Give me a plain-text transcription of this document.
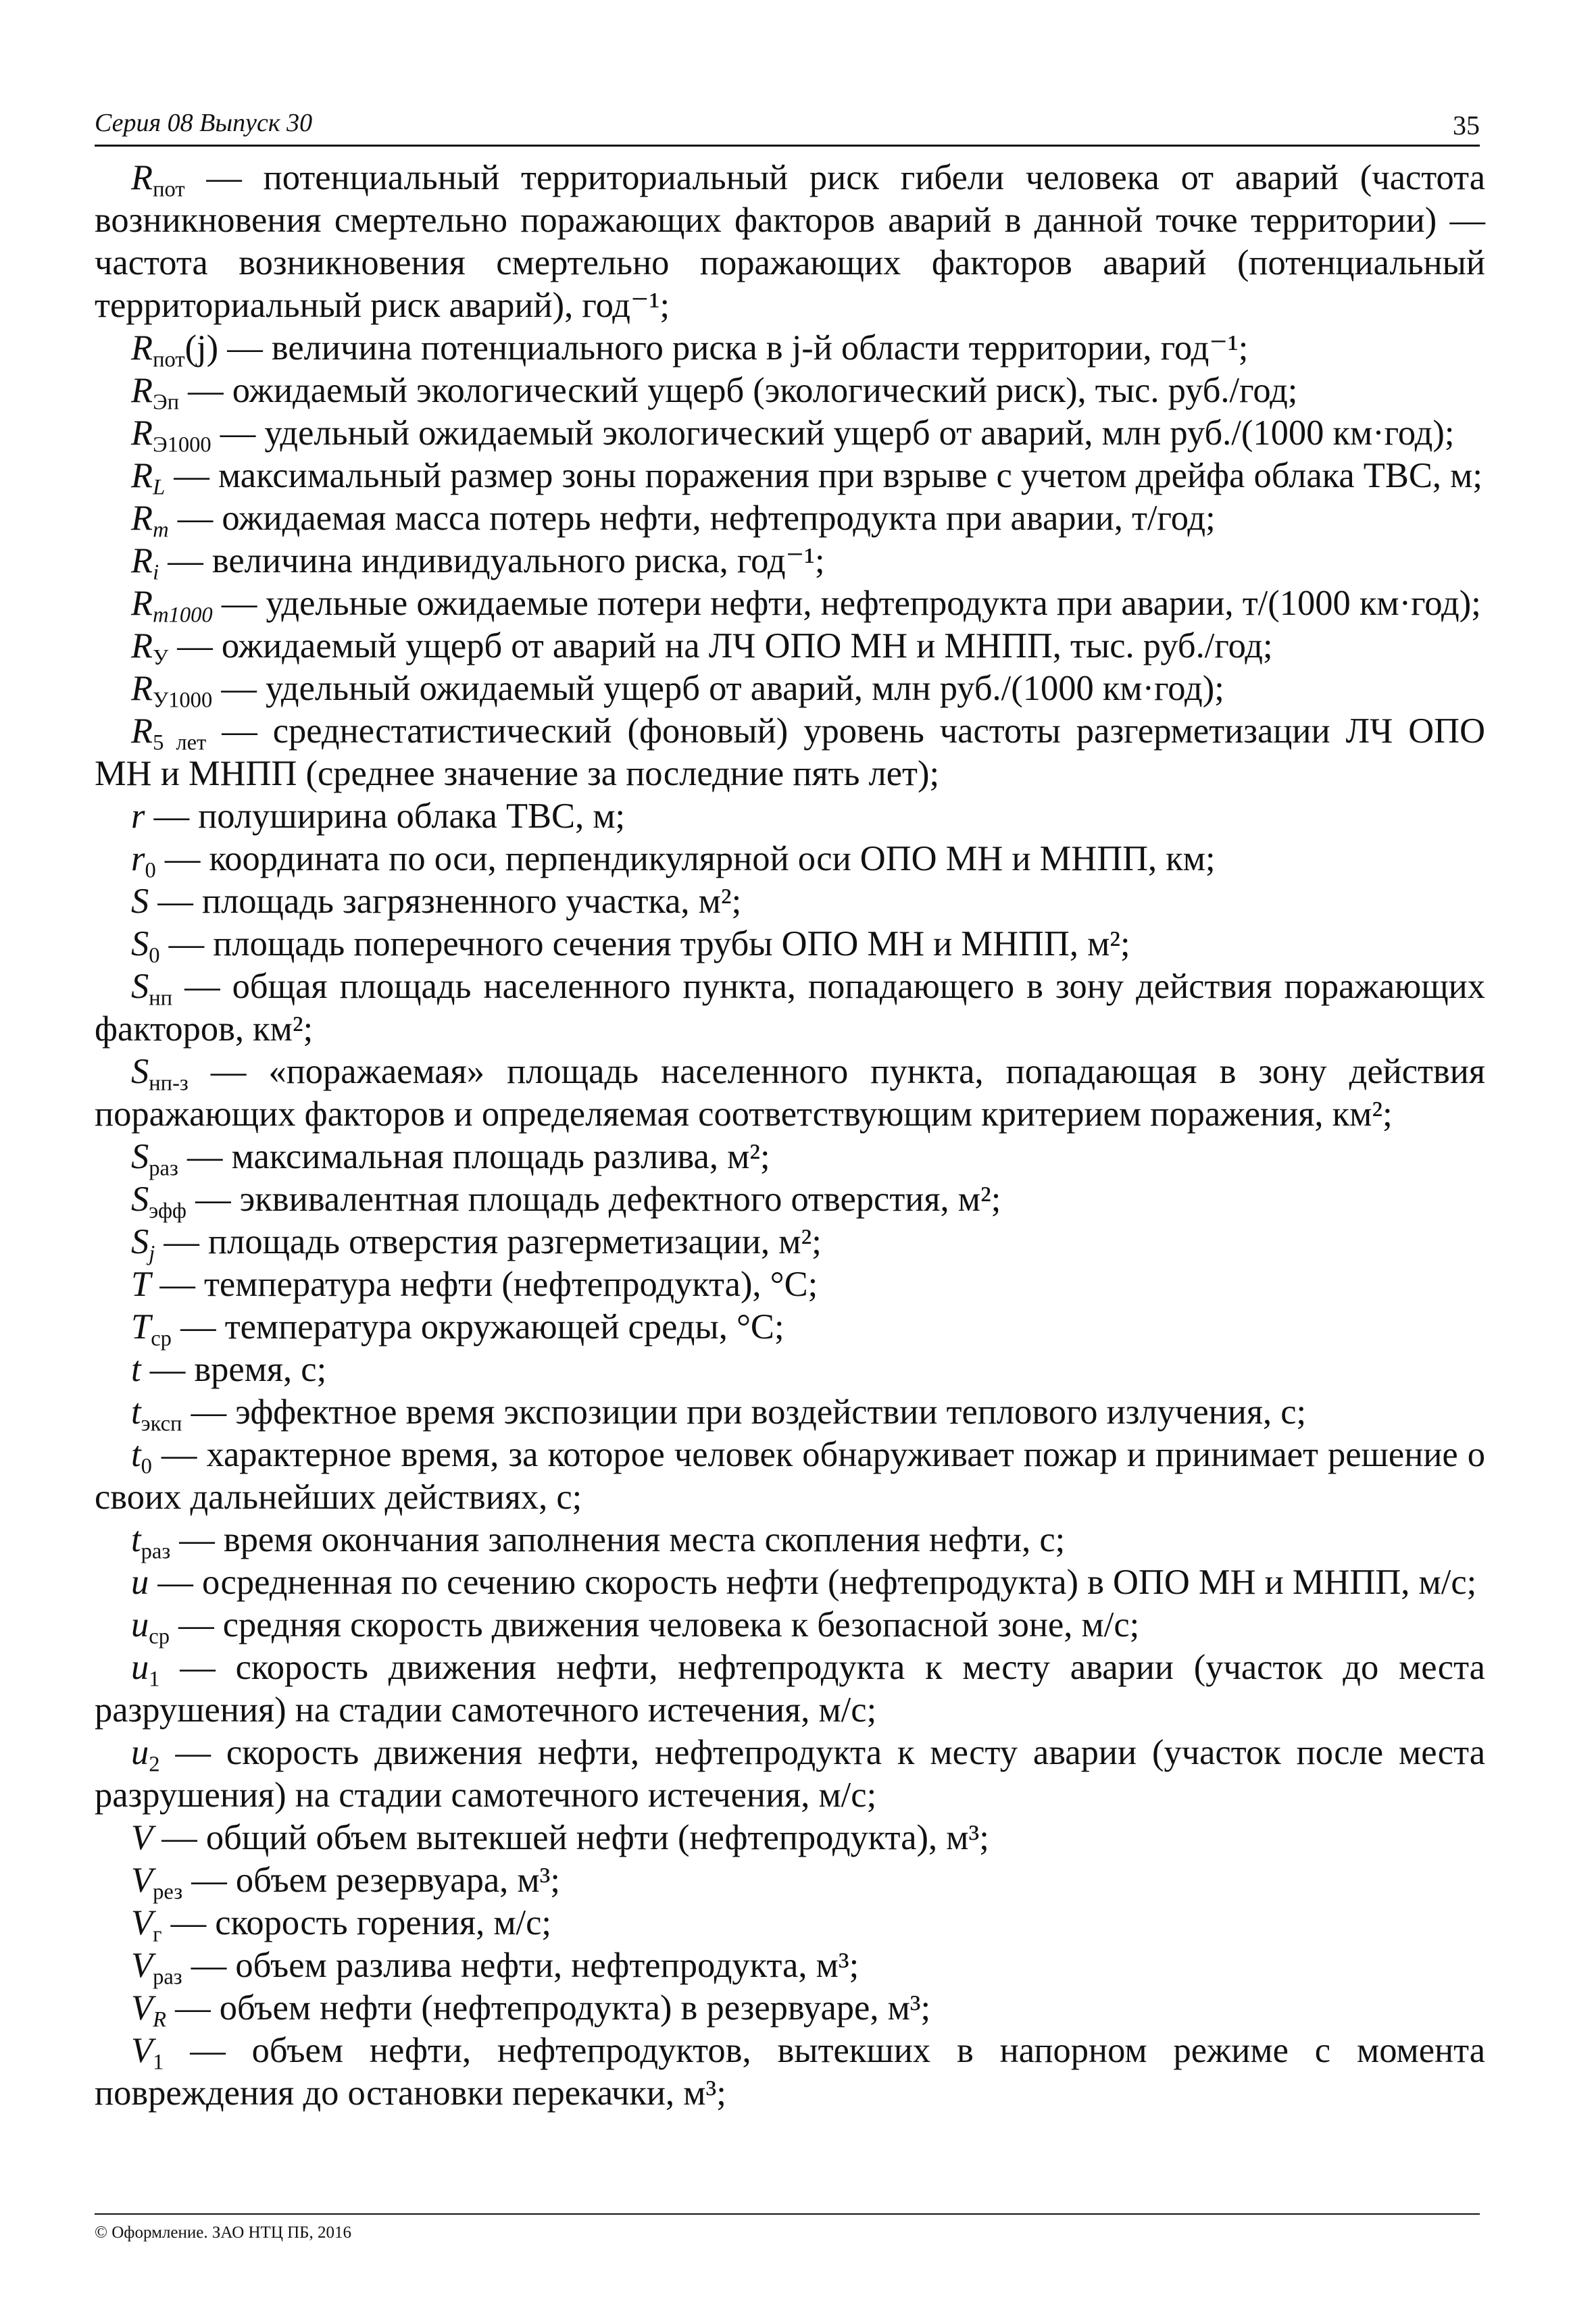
Серия 08 Выпуск 30	35

$R_{пот}$ — потенциальный территориальный риск гибели человека от аварий (частота возникновения смертельно поражающих факторов аварий в данной точке территории) — частота возникновения смертельно поражающих факторов аварий (потенциальный территориальный риск аварий), год⁻¹;

$R_{пот}(j)$ — величина потенциального риска в j-й области территории, год⁻¹;

$R_{Эп}$ — ожидаемый экологический ущерб (экологический риск), тыс. руб./год;

$R_{Э1000}$ — удельный ожидаемый экологический ущерб от аварий, млн руб./(1000 км·год);

$R_L$ — максимальный размер зоны поражения при взрыве с учетом дрейфа облака ТВС, м;

$R_m$ — ожидаемая масса потерь нефти, нефтепродукта при аварии, т/год;

$R_i$ — величина индивидуального риска, год⁻¹;

$R_{m1000}$ — удельные ожидаемые потери нефти, нефтепродукта при аварии, т/(1000 км·год);

$R_У$ — ожидаемый ущерб от аварий на ЛЧ ОПО МН и МНПП, тыс. руб./год;

$R_{У1000}$ — удельный ожидаемый ущерб от аварий, млн руб./(1000 км·год);

$R_{5 лет}$ — среднестатистический (фоновый) уровень частоты разгерметизации ЛЧ ОПО МН и МНПП (среднее значение за последние пять лет);

r — полуширина облака ТВС, м;

$r_0$ — координата по оси, перпендикулярной оси ОПО МН и МНПП, км;

S — площадь загрязненного участка, м²;

$S_0$ — площадь поперечного сечения трубы ОПО МН и МНПП, м²;

$S_{нп}$ — общая площадь населенного пункта, попадающего в зону действия поражающих факторов, км²;

$S_{нп-з}$ — «поражаемая» площадь населенного пункта, попадающая в зону действия поражающих факторов и определяемая соответствующим критерием поражения, км²;

$S_{раз}$ — максимальная площадь разлива, м²;

$S_{эфф}$ — эквивалентная площадь дефектного отверстия, м²;

$S_j$ — площадь отверстия разгерметизации, м²;

T — температура нефти (нефтепродукта), °С;

$T_{ср}$ — температура окружающей среды, °С;

t — время, с;

$t_{эксп}$ — эффектное время экспозиции при воздействии теплового излучения, с;

$t_0$ — характерное время, за которое человек обнаруживает пожар и принимает решение о своих дальнейших действиях, с;

$t_{раз}$ — время окончания заполнения места скопления нефти, с;

u — осредненная по сечению скорость нефти (нефтепродукта) в ОПО МН и МНПП, м/с;

$u_{ср}$ — средняя скорость движения человека к безопасной зоне, м/с;

$u_1$ — скорость движения нефти, нефтепродукта к месту аварии (участок до места разрушения) на стадии самотечного истечения, м/с;

$u_2$ — скорость движения нефти, нефтепродукта к месту аварии (участок после места разрушения) на стадии самотечного истечения, м/с;

V — общий объем вытекшей нефти (нефтепродукта), м³;

$V_{рез}$ — объем резервуара, м³;

$V_г$ — скорость горения, м/с;

$V_{раз}$ — объем разлива нефти, нефтепродукта, м³;

$V_R$ — объем нефти (нефтепродукта) в резервуаре, м³;

$V_1$ — объем нефти, нефтепродуктов, вытекших в напорном режиме с момента повреждения до остановки перекачки, м³;

© Оформление. ЗАО НТЦ ПБ, 2016
